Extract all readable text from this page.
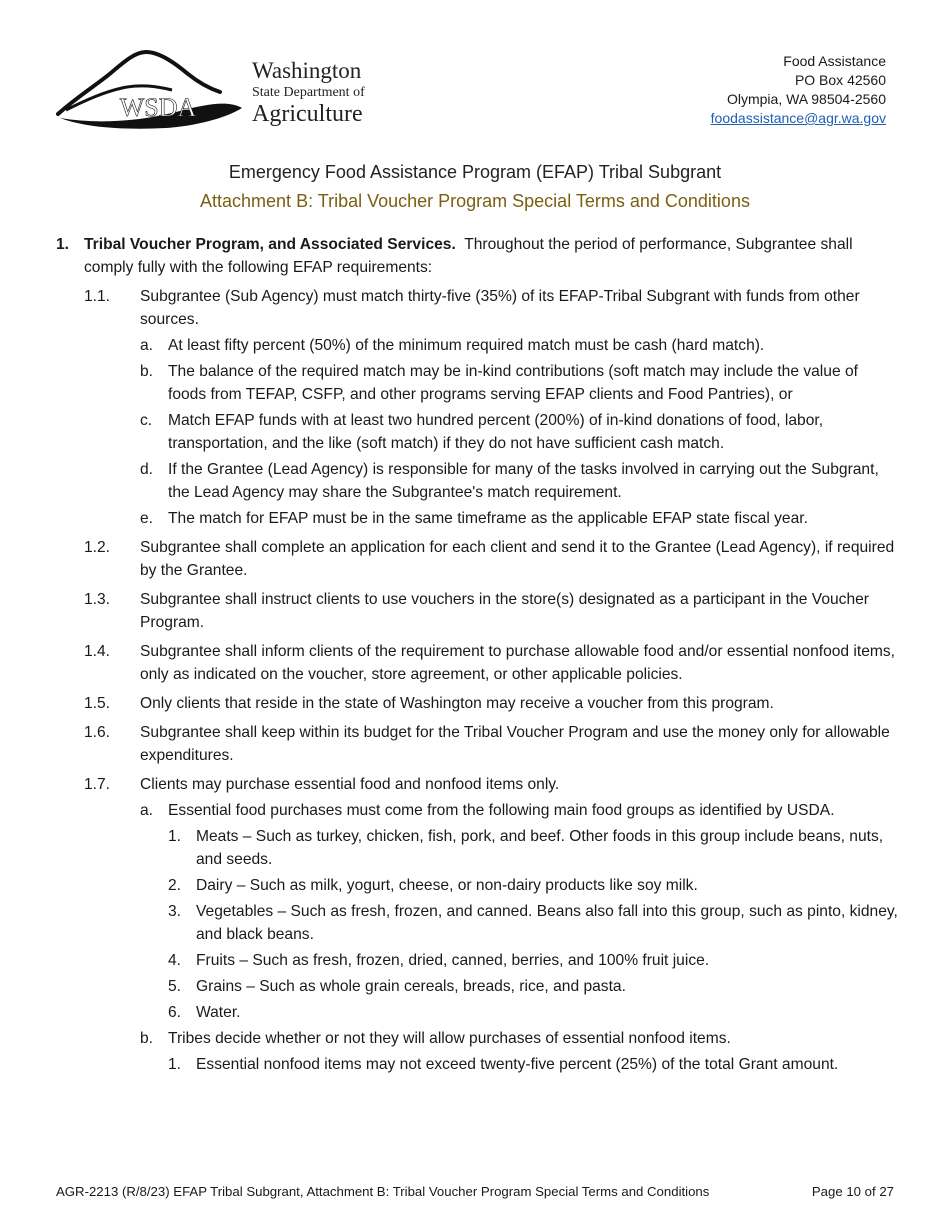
WSDA
Washington
State Department of
Agriculture
Food Assistance
PO Box 42560
Olympia, WA 98504-2560
foodassistance@agr.wa.gov
Emergency Food Assistance Program (EFAP) Tribal Subgrant
Attachment B: Tribal Voucher Program Special Terms and Conditions
1. Tribal Voucher Program, and Associated Services. Throughout the period of performance, Subgrantee shall comply fully with the following EFAP requirements:
1.1. Subgrantee (Sub Agency) must match thirty-five (35%) of its EFAP-Tribal Subgrant with funds from other sources.
a. At least fifty percent (50%) of the minimum required match must be cash (hard match).
b. The balance of the required match may be in-kind contributions (soft match may include the value of foods from TEFAP, CSFP, and other programs serving EFAP clients and Food Pantries), or
c. Match EFAP funds with at least two hundred percent (200%) of in-kind donations of food, labor, transportation, and the like (soft match) if they do not have sufficient cash match.
d. If the Grantee (Lead Agency) is responsible for many of the tasks involved in carrying out the Subgrant, the Lead Agency may share the Subgrantee's match requirement.
e. The match for EFAP must be in the same timeframe as the applicable EFAP state fiscal year.
1.2. Subgrantee shall complete an application for each client and send it to the Grantee (Lead Agency), if required by the Grantee.
1.3. Subgrantee shall instruct clients to use vouchers in the store(s) designated as a participant in the Voucher Program.
1.4. Subgrantee shall inform clients of the requirement to purchase allowable food and/or essential nonfood items, only as indicated on the voucher, store agreement, or other applicable policies.
1.5. Only clients that reside in the state of Washington may receive a voucher from this program.
1.6. Subgrantee shall keep within its budget for the Tribal Voucher Program and use the money only for allowable expenditures.
1.7. Clients may purchase essential food and nonfood items only.
a. Essential food purchases must come from the following main food groups as identified by USDA.
1. Meats – Such as turkey, chicken, fish, pork, and beef. Other foods in this group include beans, nuts, and seeds.
2. Dairy – Such as milk, yogurt, cheese, or non-dairy products like soy milk.
3. Vegetables – Such as fresh, frozen, and canned. Beans also fall into this group, such as pinto, kidney, and black beans.
4. Fruits – Such as fresh, frozen, dried, canned, berries, and 100% fruit juice.
5. Grains – Such as whole grain cereals, breads, rice, and pasta.
6. Water.
b. Tribes decide whether or not they will allow purchases of essential nonfood items.
1. Essential nonfood items may not exceed twenty-five percent (25%) of the total Grant amount.
AGR-2213 (R/8/23) EFAP Tribal Subgrant, Attachment B: Tribal Voucher Program Special Terms and Conditions	Page 10 of 27
